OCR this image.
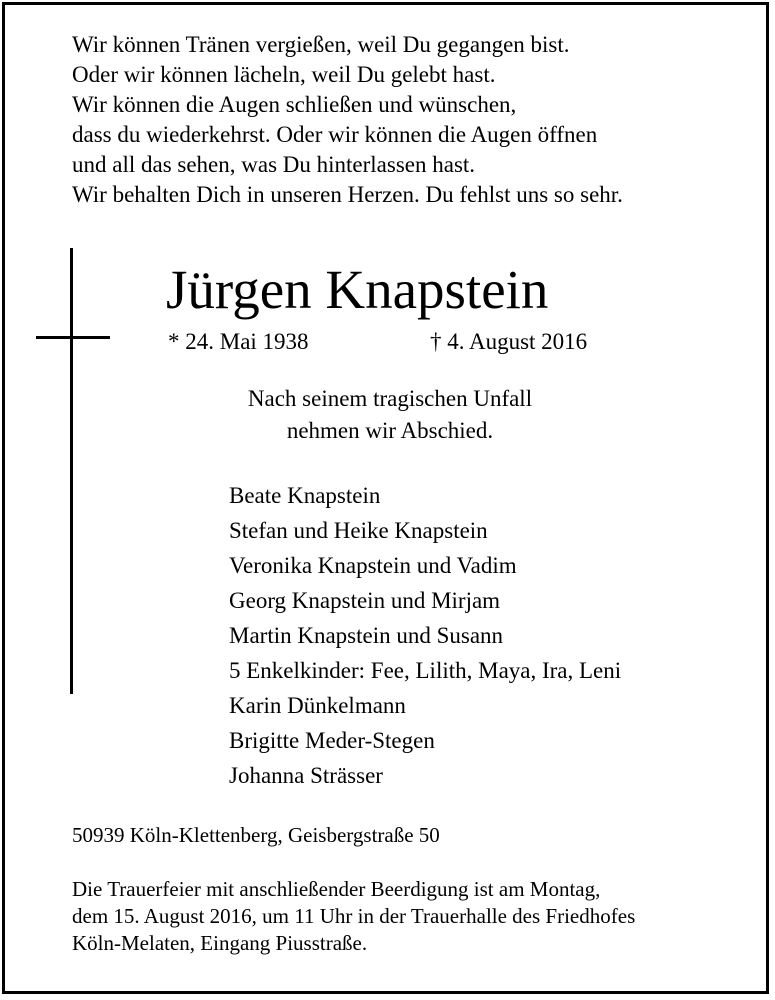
Wir können Tränen vergießen, weil Du gegangen bist.
Oder wir können lächeln, weil Du gelebt hast.
Wir können die Augen schließen und wünschen,
dass du wiederkehrst. Oder wir können die Augen öffnen
und all das sehen, was Du hinterlassen hast.
Wir behalten Dich in unseren Herzen. Du fehlst uns so sehr.
Jürgen Knapstein
* 24. Mai 1938	† 4. August 2016
Nach seinem tragischen Unfall
nehmen wir Abschied.
Beate Knapstein
Stefan und Heike Knapstein
Veronika Knapstein und Vadim
Georg Knapstein und Mirjam
Martin Knapstein und Susann
5 Enkelkinder: Fee, Lilith, Maya, Ira, Leni
Karin Dünkelmann
Brigitte Meder-Stegen
Johanna Strässer
50939 Köln-Klettenberg, Geisbergstraße 50
Die Trauerfeier mit anschließender Beerdigung ist am Montag,
dem 15. August 2016, um 11 Uhr in der Trauerhalle des Friedhofes
Köln-Melaten, Eingang Piusstraße.
